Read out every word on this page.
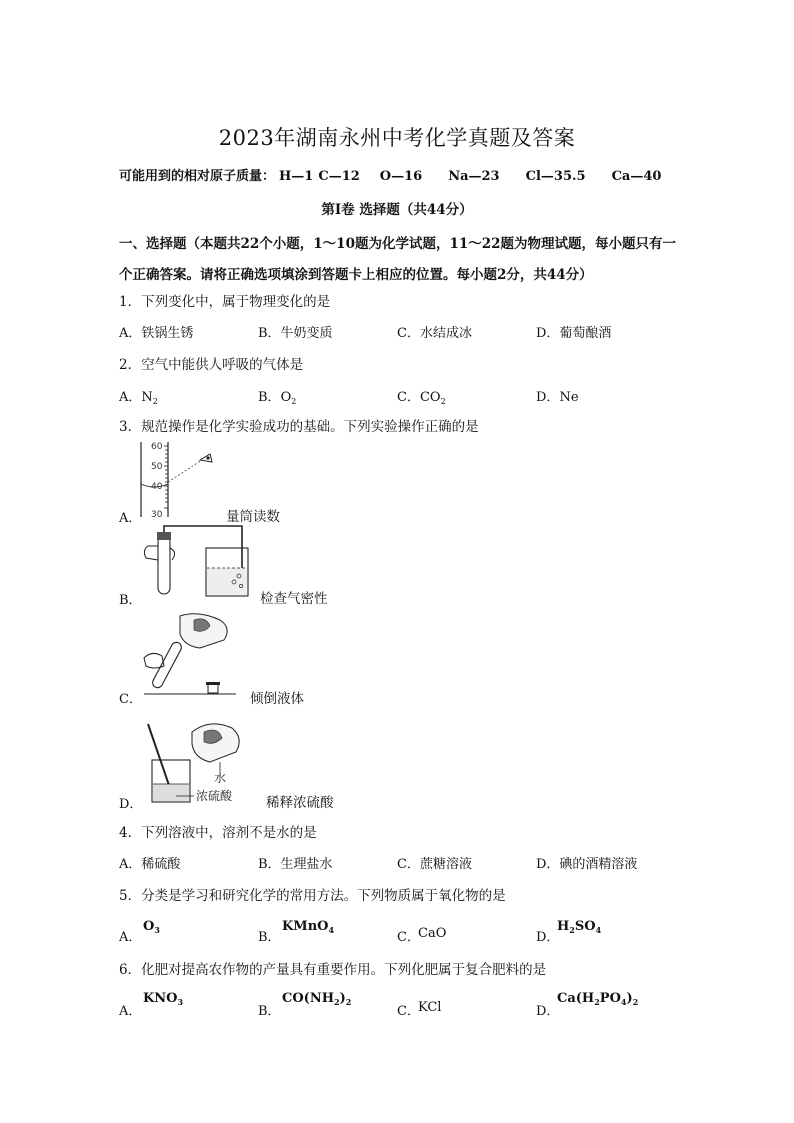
2023年湖南永州中考化学真题及答案
可能用到的相对原子质量： H—1 C—12 O—16 Na—23 Cl—35.5 Ca—40
第Ⅰ卷 选择题（共44分）
一、选择题（本题共22个小题，1～10题为化学试题，11～22题为物理试题，每小题只有一个正确答案。请将正确选项填涂到答题卡上相应的位置。每小题2分，共44分）
1．下列变化中，属于物理变化的是
A．铁锅生锈	B．牛奶变质	C．水结成冰	D．葡萄酿酒
2．空气中能供人呼吸的气体是
A．$N_2$	B．$O_2$	C．$CO_2$	D．Ne
3．规范操作是化学实验成功的基础。下列实验操作正确的是
A．
60
50
40
30	量筒读数
B．	检查气密性
C．	倾倒液体
D．
水
浓硫酸	稀释浓硫酸
4．下列溶液中，溶剂不是水的是
A．稀硫酸	B．生理盐水	C．蔗糖溶液	D．碘的酒精溶液
5．分类是学习和研究化学的常用方法。下列物质属于氧化物的是
A．
$O_3$	B．
KMnO$_4$	C．
CaO	D．
$H_2SO_4$
6．化肥对提高农作物的产量具有重要作用。下列化肥属于复合肥料的是
A．
$KNO_3$
B．
$CO(NH_2)_2$
C．
KCl	D．
$Ca(H_2PO_4)_2$
